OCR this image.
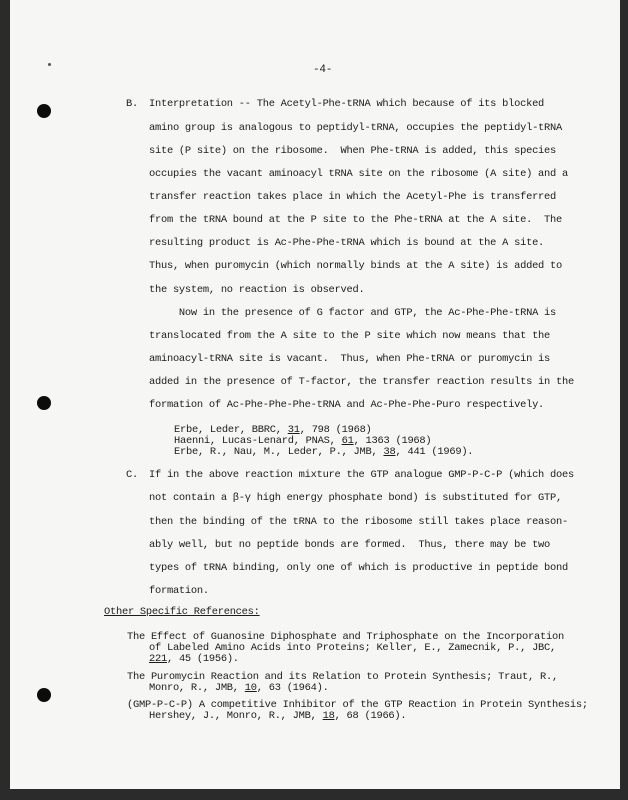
-4-

B.

Interpretation -- The Acetyl-Phe-tRNA which because of its blocked

amino group is analogous to peptidyl-tRNA, occupies the peptidyl-tRNA

site (P site) on the ribosome.  When Phe-tRNA is added, this species

occupies the vacant aminoacyl tRNA site on the ribosome (A site) and a

transfer reaction takes place in which the Acetyl-Phe is transferred

from the tRNA bound at the P site to the Phe-tRNA at the A site.  The

resulting product is Ac-Phe-Phe-tRNA which is bound at the A site.

Thus, when puromycin (which normally binds at the A site) is added to

the system, no reaction is observed.

Now in the presence of G factor and GTP, the Ac-Phe-Phe-tRNA is

translocated from the A site to the P site which now means that the

aminoacyl-tRNA site is vacant.  Thus, when Phe-tRNA or puromycin is

added in the presence of T-factor, the transfer reaction results in the

formation of Ac-Phe-Phe-Phe-tRNA and Ac-Phe-Phe-Puro respectively.

Erbe, Leder, BBRC, 31, 798 (1968)

Haenni, Lucas-Lenard, PNAS, 61, 1363 (1968)

Erbe, R., Nau, M., Leder, P., JMB, 38, 441 (1969).

C.

If in the above reaction mixture the GTP analogue GMP-P-C-P (which does

not contain a β-γ high energy phosphate bond) is substituted for GTP,

then the binding of the tRNA to the ribosome still takes place reason-

ably well, but no peptide bonds are formed.  Thus, there may be two

types of tRNA binding, only one of which is productive in peptide bond

formation.

Other Specific References:

The Effect of Guanosine Diphosphate and Triphosphate on the Incorporation

of Labeled Amino Acids into Proteins; Keller, E., Zamecnik, P., JBC,

221, 45 (1956).

The Puromycin Reaction and its Relation to Protein Synthesis; Traut, R.,

Monro, R., JMB, 10, 63 (1964).

(GMP-P-C-P) A competitive Inhibitor of the GTP Reaction in Protein Synthesis;

Hershey, J., Monro, R., JMB, 18, 68 (1966).
